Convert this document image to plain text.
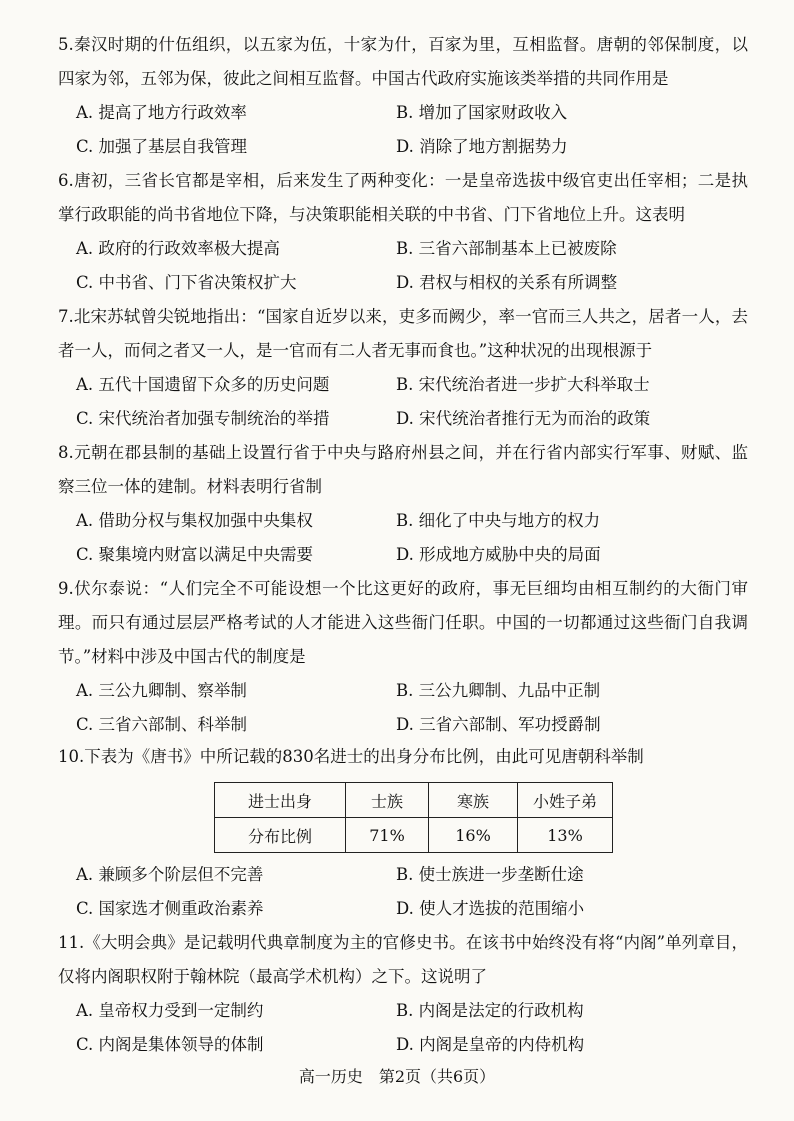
5.秦汉时期的什伍组织，以五家为伍，十家为什，百家为里，互相监督。唐朝的邻保制度，以四家为邻，五邻为保，彼此之间相互监督。中国古代政府实施该类举措的共同作用是
A. 提高了地方行政效率	B. 增加了国家财政收入
C. 加强了基层自我管理	D. 消除了地方割据势力
6.唐初，三省长官都是宰相，后来发生了两种变化：一是皇帝选拔中级官吏出任宰相；二是执掌行政职能的尚书省地位下降，与决策职能相关联的中书省、门下省地位上升。这表明
A. 政府的行政效率极大提高	B. 三省六部制基本上已被废除
C. 中书省、门下省决策权扩大	D. 君权与相权的关系有所调整
7.北宋苏轼曾尖锐地指出：“国家自近岁以来，吏多而阙少，率一官而三人共之，居者一人，去者一人，而伺之者又一人，是一官而有二人者无事而食也。”这种状况的出现根源于
A. 五代十国遗留下众多的历史问题	B. 宋代统治者进一步扩大科举取士
C. 宋代统治者加强专制统治的举措	D. 宋代统治者推行无为而治的政策
8.元朝在郡县制的基础上设置行省于中央与路府州县之间，并在行省内部实行军事、财赋、监察三位一体的建制。材料表明行省制
A. 借助分权与集权加强中央集权	B. 细化了中央与地方的权力
C. 聚集境内财富以满足中央需要	D. 形成地方威胁中央的局面
9.伏尔泰说：“人们完全不可能设想一个比这更好的政府，事无巨细均由相互制约的大衙门审理。而只有通过层层严格考试的人才能进入这些衙门任职。中国的一切都通过这些衙门自我调节。”材料中涉及中国古代的制度是
A. 三公九卿制、察举制	B. 三公九卿制、九品中正制
C. 三省六部制、科举制	D. 三省六部制、军功授爵制
10.下表为《唐书》中所记载的830名进士的出身分布比例，由此可见唐朝科举制
进士出身	士族	寒族	小姓子弟
分布比例	71%	16%	13%
A. 兼顾多个阶层但不完善	B. 使士族进一步垄断仕途
C. 国家选才侧重政治素养	D. 使人才选拔的范围缩小
11.《大明会典》是记载明代典章制度为主的官修史书。在该书中始终没有将“内阁”单列章目，仅将内阁职权附于翰林院（最高学术机构）之下。这说明了
A. 皇帝权力受到一定制约	B. 内阁是法定的行政机构
C. 内阁是集体领导的体制	D. 内阁是皇帝的内侍机构
高一历史　第2页（共6页）
